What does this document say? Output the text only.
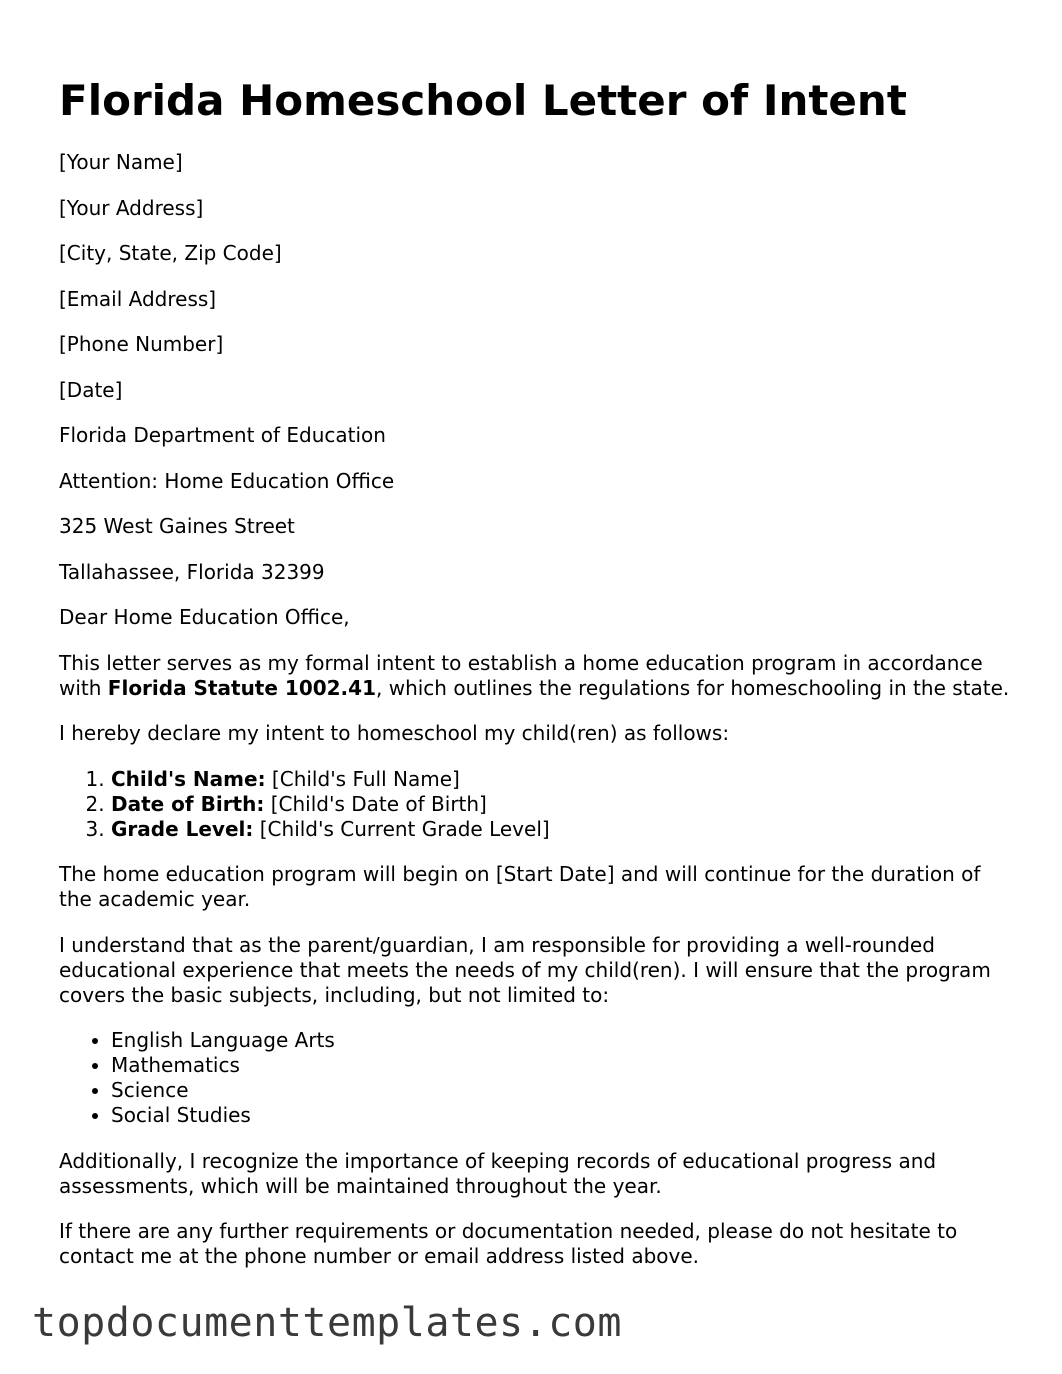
Florida Homeschool Letter of Intent

[Your Name]

[Your Address]

[City, State, Zip Code]

[Email Address]

[Phone Number]

[Date]

Florida Department of Education

Attention: Home Education Office

325 West Gaines Street

Tallahassee, Florida 32399

Dear Home Education Office,

This letter serves as my formal intent to establish a home education program in accordance with Florida Statute 1002.41, which outlines the regulations for homeschooling in the state.

I hereby declare my intent to homeschool my child(ren) as follows:

1. Child's Name: [Child's Full Name]
2. Date of Birth: [Child's Date of Birth]
3. Grade Level: [Child's Current Grade Level]

The home education program will begin on [Start Date] and will continue for the duration of the academic year.

I understand that as the parent/guardian, I am responsible for providing a well-rounded educational experience that meets the needs of my child(ren). I will ensure that the program covers the basic subjects, including, but not limited to:

• English Language Arts
• Mathematics
• Science
• Social Studies

Additionally, I recognize the importance of keeping records of educational progress and assessments, which will be maintained throughout the year.

If there are any further requirements or documentation needed, please do not hesitate to contact me at the phone number or email address listed above.

topdocumenttemplates.com
